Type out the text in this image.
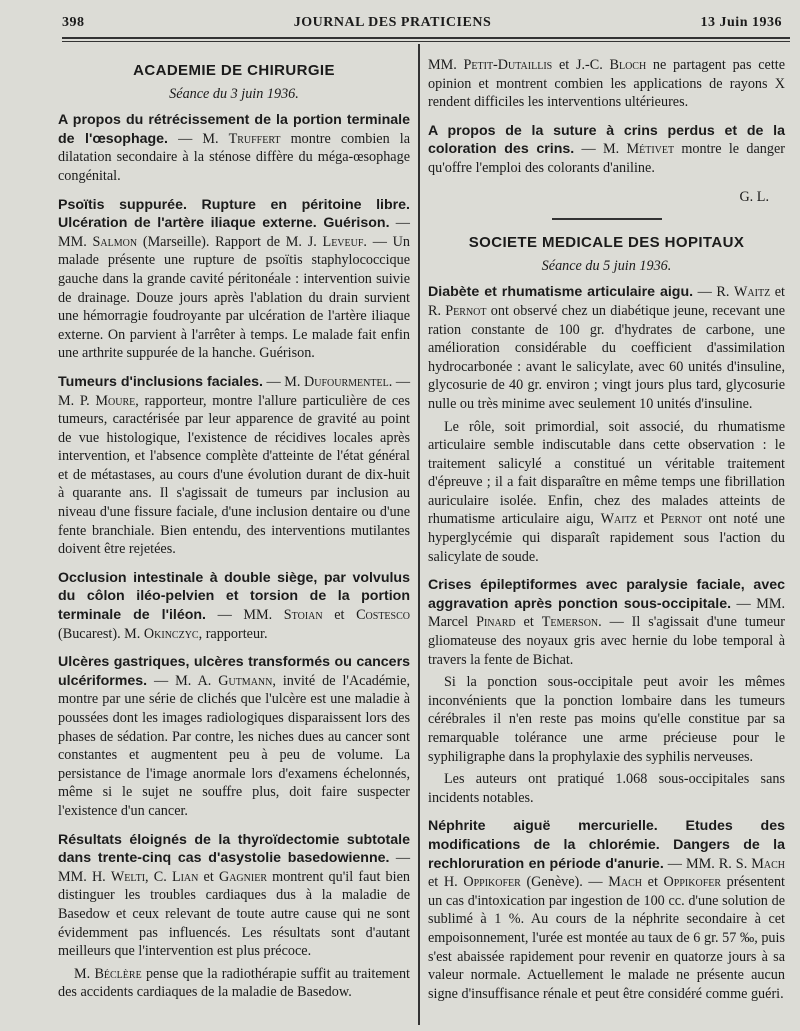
398	JOURNAL DES PRATICIENS	13 Juin 1936
ACADEMIE DE CHIRURGIE
Séance du 3 juin 1936.

A propos du rétrécissement de la portion terminale de l'œsophage. — M. Truffert montre combien la dilatation secondaire à la sténose diffère du méga-œsophage congénital.

Psoïtis suppurée. Rupture en péritoine libre. Ulcération de l'artère iliaque externe. Guérison. — MM. Salmon (Marseille). Rapport de M. J. Leveuf. — Un malade présente une rupture de psoïtis staphylococcique gauche dans la grande cavité péritonéale : intervention suivie de drainage. Douze jours après l'ablation du drain survient une hémorragie foudroyante par ulcération de l'artère iliaque externe. On parvient à l'arrêter à temps. Le malade fait enfin une arthrite suppurée de la hanche. Guérison.

Tumeurs d'inclusions faciales. — M. Dufourmentel. — M. P. Moure, rapporteur, montre l'allure particulière de ces tumeurs, caractérisée par leur apparence de gravité au point de vue histologique, l'existence de récidives locales après intervention, et l'absence complète d'atteinte de l'état général et de métastases, au cours d'une évolution durant de dix-huit à quarante ans. Il s'agissait de tumeurs par inclusion au niveau d'une fissure faciale, d'une inclusion dentaire ou d'une fente branchiale. Bien entendu, des interventions mutilantes doivent être rejetées.

Occlusion intestinale à double siège, par volvulus du côlon iléo-pelvien et torsion de la portion terminale de l'iléon. — MM. Stoian et Costesco (Bucarest). M. Okinczyc, rapporteur.

Ulcères gastriques, ulcères transformés ou cancers ulcériformes. — M. A. Gutmann, invité de l'Académie, montre par une série de clichés que l'ulcère est une maladie à poussées dont les images radiologiques disparaissent lors des phases de sédation. Par contre, les niches dues au cancer sont constantes et augmentent peu à peu de volume. La persistance de l'image anormale lors d'examens échelonnés, même si le sujet ne souffre plus, doit faire suspecter l'existence d'un cancer.

Résultats éloignés de la thyroïdectomie subtotale dans trente-cinq cas d'asystolie basedowienne. — MM. H. Welti, C. Lian et Gagnier montrent qu'il faut bien distinguer les troubles cardiaques dus à la maladie de Basedow et ceux relevant de toute autre cause qui ne sont évidemment pas influencés. Les résultats sont d'autant meilleurs que l'intervention est plus précoce.

M. Béclère pense que la radiothérapie suffit au traitement des accidents cardiaques de la maladie de Basedow.

MM. Petit-Dutaillis et J.-C. Bloch ne partagent pas cette opinion et montrent combien les applications de rayons X rendent difficiles les interventions ultérieures.

A propos de la suture à crins perdus et de la coloration des crins. — M. Métivet montre le danger qu'offre l'emploi des colorants d'aniline.

G. L.
SOCIETE MEDICALE DES HOPITAUX
Séance du 5 juin 1936.

Diabète et rhumatisme articulaire aigu. — R. Waitz et R. Pernot ont observé chez un diabétique jeune, recevant une ration constante de 100 gr. d'hydrates de carbone, une amélioration considérable du coefficient d'assimilation hydrocarbonée : avant le salicylate, avec 60 unités d'insuline, glycosurie de 40 gr. environ ; vingt jours plus tard, glycosurie nulle ou très minime avec seulement 10 unités d'insuline.

Le rôle, soit primordial, soit associé, du rhumatisme articulaire semble indiscutable dans cette observation : le traitement salicylé a constitué un véritable traitement d'épreuve ; il a fait disparaître en même temps une fibrillation auriculaire isolée. Enfin, chez des malades atteints de rhumatisme articulaire aigu, Waitz et Pernot ont noté une hyperglycémie qui disparaît rapidement sous l'action du salicylate de soude.

Crises épileptiformes avec paralysie faciale, avec aggravation après ponction sous-occipitale. — MM. Marcel Pinard et Temerson. — Il s'agissait d'une tumeur gliomateuse des noyaux gris avec hernie du lobe temporal à travers la fente de Bichat.

Si la ponction sous-occipitale peut avoir les mêmes inconvénients que la ponction lombaire dans les tumeurs cérébrales il n'en reste pas moins qu'elle constitue par sa remarquable tolérance une arme précieuse pour le syphiligraphe dans la prophylaxie des syphilis nerveuses.

Les auteurs ont pratiqué 1.068 sous-occipitales sans incidents notables.

Néphrite aiguë mercurielle. Etudes des modifications de la chlorémie. Dangers de la rechloruration en période d'anurie. — MM. R. S. Mach et H. Oppikofer (Genève). — Mach et Oppikofer présentent un cas d'intoxication par ingestion de 100 cc. d'une solution de sublimé à 1 %. Au cours de la néphrite secondaire à cet empoisonnement, l'urée est montée au taux de 6 gr. 57 ‰, puis s'est abaissée rapidement pour revenir en quatorze jours à sa valeur normale. Actuellement le malade ne présente aucun signe d'insuffisance rénale et peut être considéré comme guéri.
